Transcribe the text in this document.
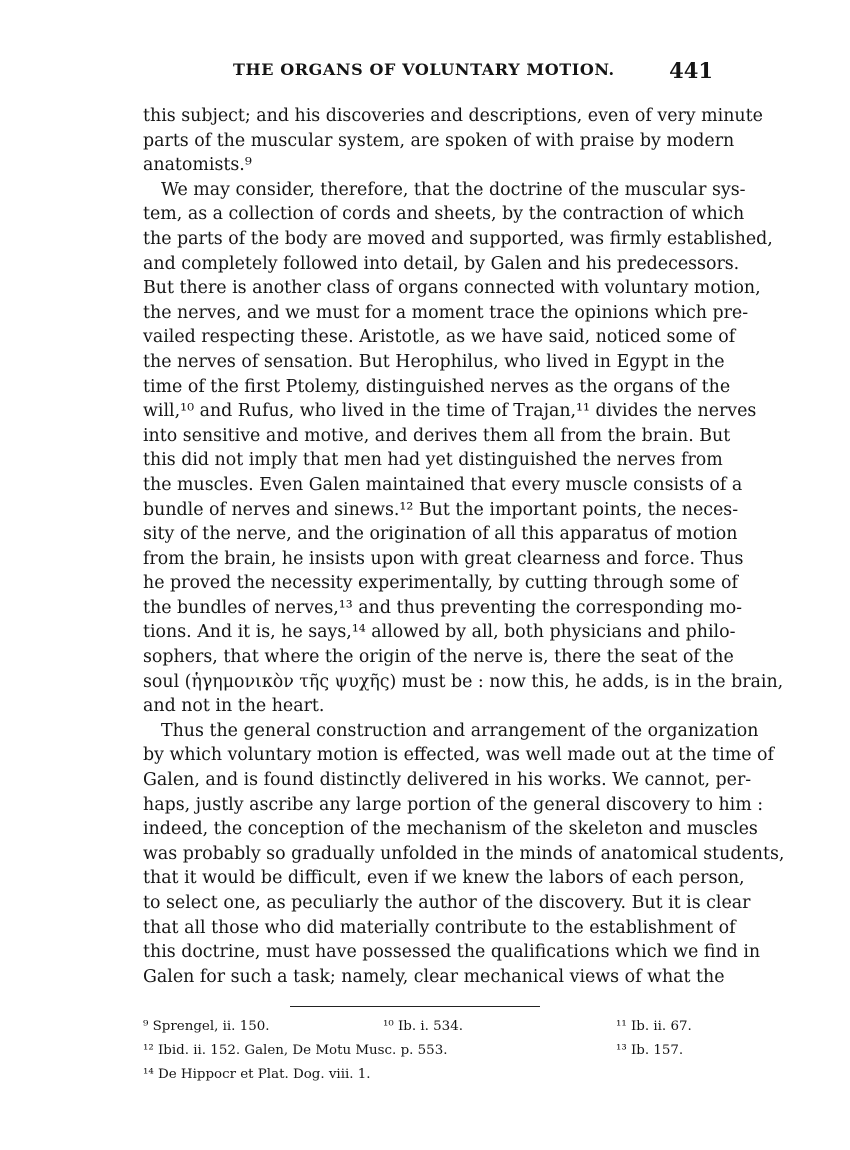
THE ORGANS OF VOLUNTARY MOTION.	441
this subject; and his discoveries and descriptions, even of very minute
parts of the muscular system, are spoken of with praise by modern
anatomists.⁹
We may consider, therefore, that the doctrine of the muscular sys-
tem, as a collection of cords and sheets, by the contraction of which
the parts of the body are moved and supported, was firmly established,
and completely followed into detail, by Galen and his predecessors.
But there is another class of organs connected with voluntary motion,
the nerves, and we must for a moment trace the opinions which pre-
vailed respecting these. Aristotle, as we have said, noticed some of
the nerves of sensation. But Herophilus, who lived in Egypt in the
time of the first Ptolemy, distinguished nerves as the organs of the
will,¹⁰ and Rufus, who lived in the time of Trajan,¹¹ divides the nerves
into sensitive and motive, and derives them all from the brain. But
this did not imply that men had yet distinguished the nerves from
the muscles. Even Galen maintained that every muscle consists of a
bundle of nerves and sinews.¹² But the important points, the neces-
sity of the nerve, and the origination of all this apparatus of motion
from the brain, he insists upon with great clearness and force. Thus
he proved the necessity experimentally, by cutting through some of
the bundles of nerves,¹³ and thus preventing the corresponding mo-
tions. And it is, he says,¹⁴ allowed by all, both physicians and philo-
sophers, that where the origin of the nerve is, there the seat of the
soul (ἡγημονικὸν τῆς ψυχῆς) must be : now this, he adds, is in the brain,
and not in the heart.
Thus the general construction and arrangement of the organization
by which voluntary motion is effected, was well made out at the time of
Galen, and is found distinctly delivered in his works. We cannot, per-
haps, justly ascribe any large portion of the general discovery to him :
indeed, the conception of the mechanism of the skeleton and muscles
was probably so gradually unfolded in the minds of anatomical students,
that it would be difficult, even if we knew the labors of each person,
to select one, as peculiarly the author of the discovery. But it is clear
that all those who did materially contribute to the establishment of
this doctrine, must have possessed the qualifications which we find in
Galen for such a task; namely, clear mechanical views of what the
⁹ Sprengel, ii. 150.	¹⁰ Ib. i. 534.	¹¹ Ib. ii. 67.
¹² Ibid. ii. 152. Galen, De Motu Musc. p. 553.	¹³ Ib. 157.
¹⁴ De Hippocr et Plat. Dog. viii. 1.
